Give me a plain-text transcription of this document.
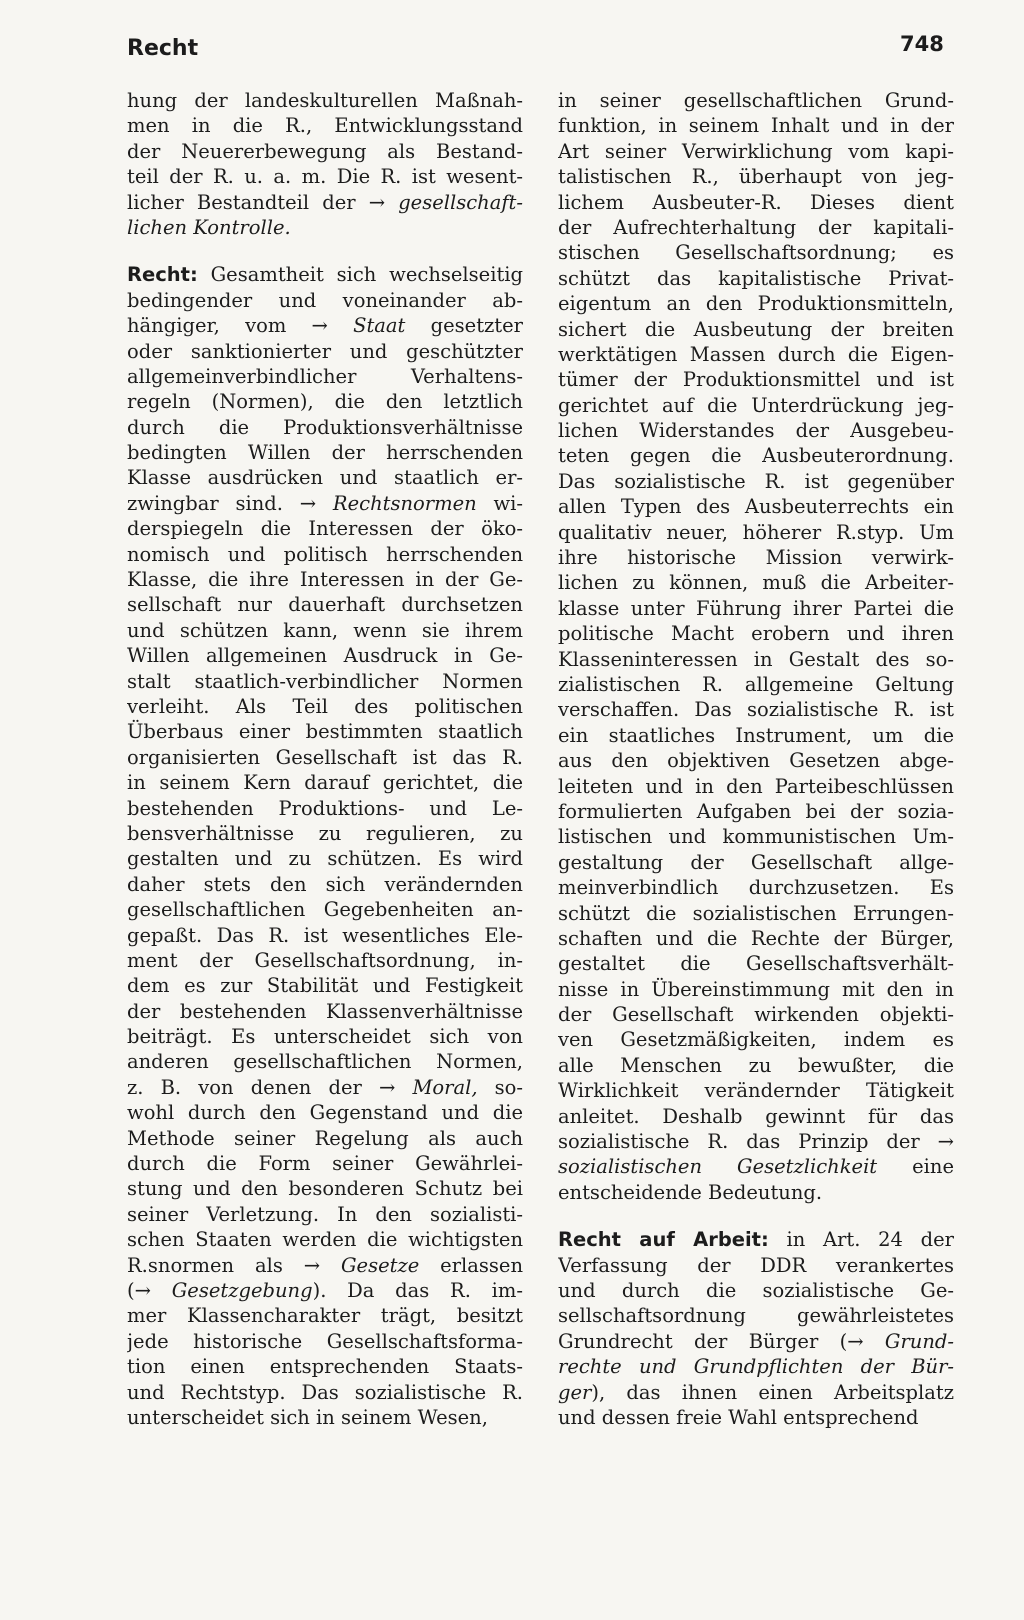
Recht	748
hung der landeskulturellen Maßnah-
men in die R., Entwicklungsstand
der Neuererbewegung als Bestand-
teil der R. u. a. m. Die R. ist wesent-
licher Bestandteil der → gesellschaft-
lichen Kontrolle.
Recht: Gesamtheit sich wechselseitig
bedingender und voneinander ab-
hängiger, vom → Staat gesetzter
oder sanktionierter und geschützter
allgemeinverbindlicher Verhaltens-
regeln (Normen), die den letztlich
durch die Produktionsverhältnisse
bedingten Willen der herrschenden
Klasse ausdrücken und staatlich er-
zwingbar sind. → Rechtsnormen wi-
derspiegeln die Interessen der öko-
nomisch und politisch herrschenden
Klasse, die ihre Interessen in der Ge-
sellschaft nur dauerhaft durchsetzen
und schützen kann, wenn sie ihrem
Willen allgemeinen Ausdruck in Ge-
stalt staatlich-verbindlicher Normen
verleiht. Als Teil des politischen
Überbaus einer bestimmten staatlich
organisierten Gesellschaft ist das R.
in seinem Kern darauf gerichtet, die
bestehenden Produktions- und Le-
bensverhältnisse zu regulieren, zu
gestalten und zu schützen. Es wird
daher stets den sich verändernden
gesellschaftlichen Gegebenheiten an-
gepaßt. Das R. ist wesentliches Ele-
ment der Gesellschaftsordnung, in-
dem es zur Stabilität und Festigkeit
der bestehenden Klassenverhältnisse
beiträgt. Es unterscheidet sich von
anderen gesellschaftlichen Normen,
z. B. von denen der → Moral, so-
wohl durch den Gegenstand und die
Methode seiner Regelung als auch
durch die Form seiner Gewährlei-
stung und den besonderen Schutz bei
seiner Verletzung. In den sozialisti-
schen Staaten werden die wichtigsten
R.snormen als → Gesetze erlassen
(→ Gesetzgebung). Da das R. im-
mer Klassencharakter trägt, besitzt
jede historische Gesellschaftsforma-
tion einen entsprechenden Staats-
und Rechtstyp. Das sozialistische R.
unterscheidet sich in seinem Wesen,
in seiner gesellschaftlichen Grund-
funktion, in seinem Inhalt und in der
Art seiner Verwirklichung vom kapi-
talistischen R., überhaupt von jeg-
lichem Ausbeuter-R. Dieses dient
der Aufrechterhaltung der kapitali-
stischen Gesellschaftsordnung; es
schützt das kapitalistische Privat-
eigentum an den Produktionsmitteln,
sichert die Ausbeutung der breiten
werktätigen Massen durch die Eigen-
tümer der Produktionsmittel und ist
gerichtet auf die Unterdrückung jeg-
lichen Widerstandes der Ausgebeu-
teten gegen die Ausbeuterordnung.
Das sozialistische R. ist gegenüber
allen Typen des Ausbeuterrechts ein
qualitativ neuer, höherer R.styp. Um
ihre historische Mission verwirk-
lichen zu können, muß die Arbeiter-
klasse unter Führung ihrer Partei die
politische Macht erobern und ihren
Klasseninteressen in Gestalt des so-
zialistischen R. allgemeine Geltung
verschaffen. Das sozialistische R. ist
ein staatliches Instrument, um die
aus den objektiven Gesetzen abge-
leiteten und in den Parteibeschlüssen
formulierten Aufgaben bei der sozia-
listischen und kommunistischen Um-
gestaltung der Gesellschaft allge-
meinverbindlich durchzusetzen. Es
schützt die sozialistischen Errungen-
schaften und die Rechte der Bürger,
gestaltet die Gesellschaftsverhält-
nisse in Übereinstimmung mit den in
der Gesellschaft wirkenden objekti-
ven Gesetzmäßigkeiten, indem es
alle Menschen zu bewußter, die
Wirklichkeit verändernder Tätigkeit
anleitet. Deshalb gewinnt für das
sozialistische R. das Prinzip der →
sozialistischen Gesetzlichkeit eine
entscheidende Bedeutung.
Recht auf Arbeit: in Art. 24 der
Verfassung der DDR verankertes
und durch die sozialistische Ge-
sellschaftsordnung gewährleistetes
Grundrecht der Bürger (→ Grund-
rechte und Grundpflichten der Bür-
ger), das ihnen einen Arbeitsplatz
und dessen freie Wahl entsprechend
